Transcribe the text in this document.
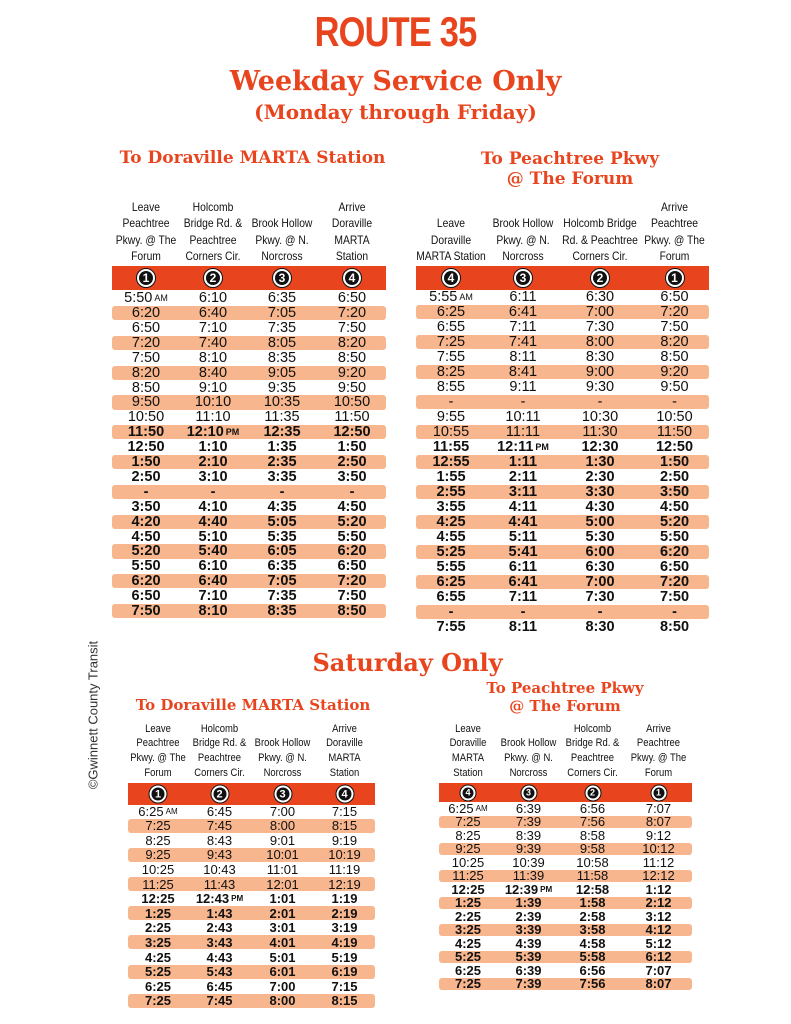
ROUTE 35
Weekday Service Only
(Monday through Friday)
To Doraville MARTA Station	To Peachtree Pkwy
@ The Forum
Saturday Only
To Doraville MARTA Station
To Peachtree Pkwy
@ The Forum
©Gwinnett County Transit
Leave Peachtree Pkwy. @ The Forum
Holcomb Bridge Rd. & Peachtree Corners Cir.
Brook Hollow Pkwy. @ N. Norcross
Arrive Doraville MARTA Station
1	2	3	4
5:50 AM 6:10	6:35	6:50
6:20	6:40	7:05	7:20
6:50	7:10	7:35	7:50
7:20	7:40	8:05	8:20
7:50	8:10	8:35	8:50
8:20	8:40	9:05	9:20
8:50	9:10	9:35	9:50
9:50 10:10 10:35 10:50
10:50 11:10 11:35 11:50
11:50 12:10 PM 12:35 12:50
12:50 1:10	1:35	1:50
1:50	2:10	2:35	2:50
2:50	3:10	3:35	3:50
-	-	-	-
3:50	4:10	4:35	4:50
4:20	4:40	5:05	5:20
4:50	5:10	5:35	5:50
5:20	5:40	6:05	6:20
5:50	6:10	6:35	6:50
6:20	6:40	7:05	7:20
6:50	7:10	7:35	7:50
7:50	8:10	8:35	8:50
Leave Doraville MARTA Station
Brook Hollow Pkwy. @ N. Norcross
Holcomb Bridge Rd. & Peachtree Corners Cir.
Arrive Peachtree Pkwy. @ The Forum
4	3	2	1
5:55 AM	6:11	6:30	6:50
6:25	6:41	7:00	7:20
6:55	7:11	7:30	7:50
7:25	7:41	8:00	8:20
7:55	8:11	8:30	8:50
8:25	8:41	9:00	9:20
8:55	9:11	9:30	9:50
-	-	-	-
9:55	10:11	10:30	10:50
10:55	11:11	11:30	11:50
11:55 12:11 PM 12:30	12:50
12:55	1:11	1:30	1:50
1:55	2:11	2:30	2:50
2:55	3:11	3:30	3:50
3:55	4:11	4:30	4:50
4:25	4:41	5:00	5:20
4:55	5:11	5:30	5:50
5:25	5:41	6:00	6:20
5:55	6:11	6:30	6:50
6:25	6:41	7:00	7:20
6:55	7:11	7:30	7:50
-	-	-	-
7:55	8:11	8:30	8:50
Leave Peachtree Pkwy. @ The Forum
Holcomb Bridge Rd. & Peachtree Corners Cir.
Brook Hollow Pkwy. @ N. Norcross
Arrive Doraville MARTA Station
1	2	3	4
6:25 AM 6:45	7:00	7:15
7:25	7:45	8:00	8:15
8:25	8:43	9:01	9:19
9:25	9:43	10:01 10:19
10:25 10:43 11:01 11:19
11:25 11:43 12:01 12:19
12:25 12:43 PM 1:01	1:19
1:25	1:43	2:01	2:19
2:25	2:43	3:01	3:19
3:25	3:43	4:01	4:19
4:25	4:43	5:01	5:19
5:25	5:43	6:01	6:19
6:25	6:45	7:00	7:15
7:25	7:45	8:00	8:15
Leave Doraville MARTA Station
Brook Hollow Pkwy. @ N. Norcross
Holcomb Bridge Rd. & Peachtree Corners Cir.
Arrive Peachtree Pkwy. @ The Forum
4	3	2	1
6:25 AM 6:39	6:56	7:07
7:25	7:39	7:56	8:07
8:25	8:39	8:58	9:12
9:25	9:39	9:58	10:12
10:25 10:39 10:58	11:12
11:25 11:39 11:58	12:12
12:25 12:39 PM 12:58	1:12
1:25	1:39	1:58	2:12
2:25	2:39	2:58	3:12
3:25	3:39	3:58	4:12
4:25	4:39	4:58	5:12
5:25	5:39	5:58	6:12
6:25	6:39	6:56	7:07
7:25	7:39	7:56	8:07
